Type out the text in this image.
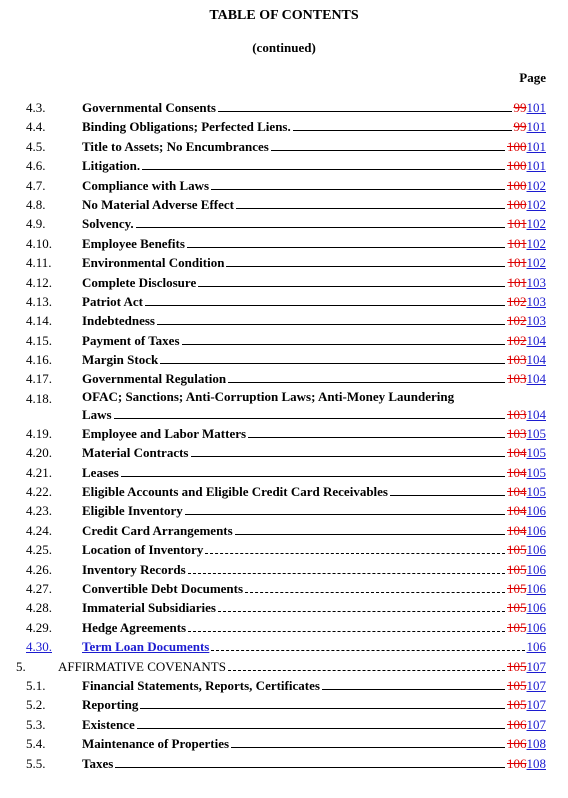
TABLE OF CONTENTS
(continued)
Page
4.3.	Governmental Consents	99101
4.4.	Binding Obligations; Perfected Liens.	99101
4.5.	Title to Assets; No Encumbrances	100101
4.6.	Litigation.	100101
4.7.	Compliance with Laws	100102
4.8.	No Material Adverse Effect	100102
4.9.	Solvency.	101102
4.10. Employee Benefits	101102
4.11. Environmental Condition	101102
4.12. Complete Disclosure	101103
4.13. Patriot Act	102103
4.14. Indebtedness	102103
4.15. Payment of Taxes	102104
4.16. Margin Stock	103104
4.17. Governmental Regulation	103104
4.18. OFAC; Sanctions; Anti-Corruption Laws; Anti-Money Laundering
Laws	103104
4.19. Employee and Labor Matters	103105
4.20. Material Contracts	104105
4.21. Leases	104105
4.22. Eligible Accounts and Eligible Credit Card Receivables	104105
4.23. Eligible Inventory	104106
4.24. Credit Card Arrangements	104106
4.25. Location of Inventory	105106
4.26. Inventory Records	105106
4.27. Convertible Debt Documents	105106
4.28. Immaterial Subsidiaries	105106
4.29. Hedge Agreements	105106
4.30. Term Loan Documents	106
5. AFFIRMATIVE COVENANTS	105107
5.1.	Financial Statements, Reports, Certificates	105107
5.2.	Reporting	105107
5.3.	Existence	106107
5.4.	Maintenance of Properties	106108
5.5.	Taxes	106108
